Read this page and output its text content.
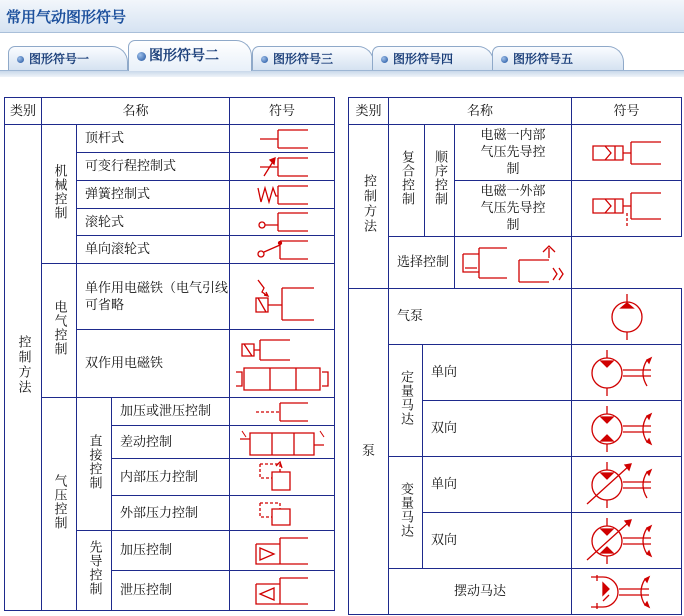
常用气动图形符号
图形符号一	图形符号二	图形符号三	图形符号四	图形符号五
类别	名称			符号
控制方法	机械控制	顶杆式	

		可变行程控制式	

		弹簧控制式	

		滚轮式	

		单向滚轮式	

	电气控制	单作用电磁铁（电气引线可省略	

		双作用电磁铁	

	气压控制	直接控制	加压或泄压控制	

			差动控制	

			内部压力控制	

			外部压力控制	

		先导控制	加压控制	

			泄压控制	
类别	名称			符号
控制方法	复合控制	顺序控制	电磁一内部气压先导控制

			电磁一外部气压先导控制

	选择控制	
泵	气泵	

	定量马达	单向	

		双向	

	变量马达	单向	

		双向	

	摆动马达	
